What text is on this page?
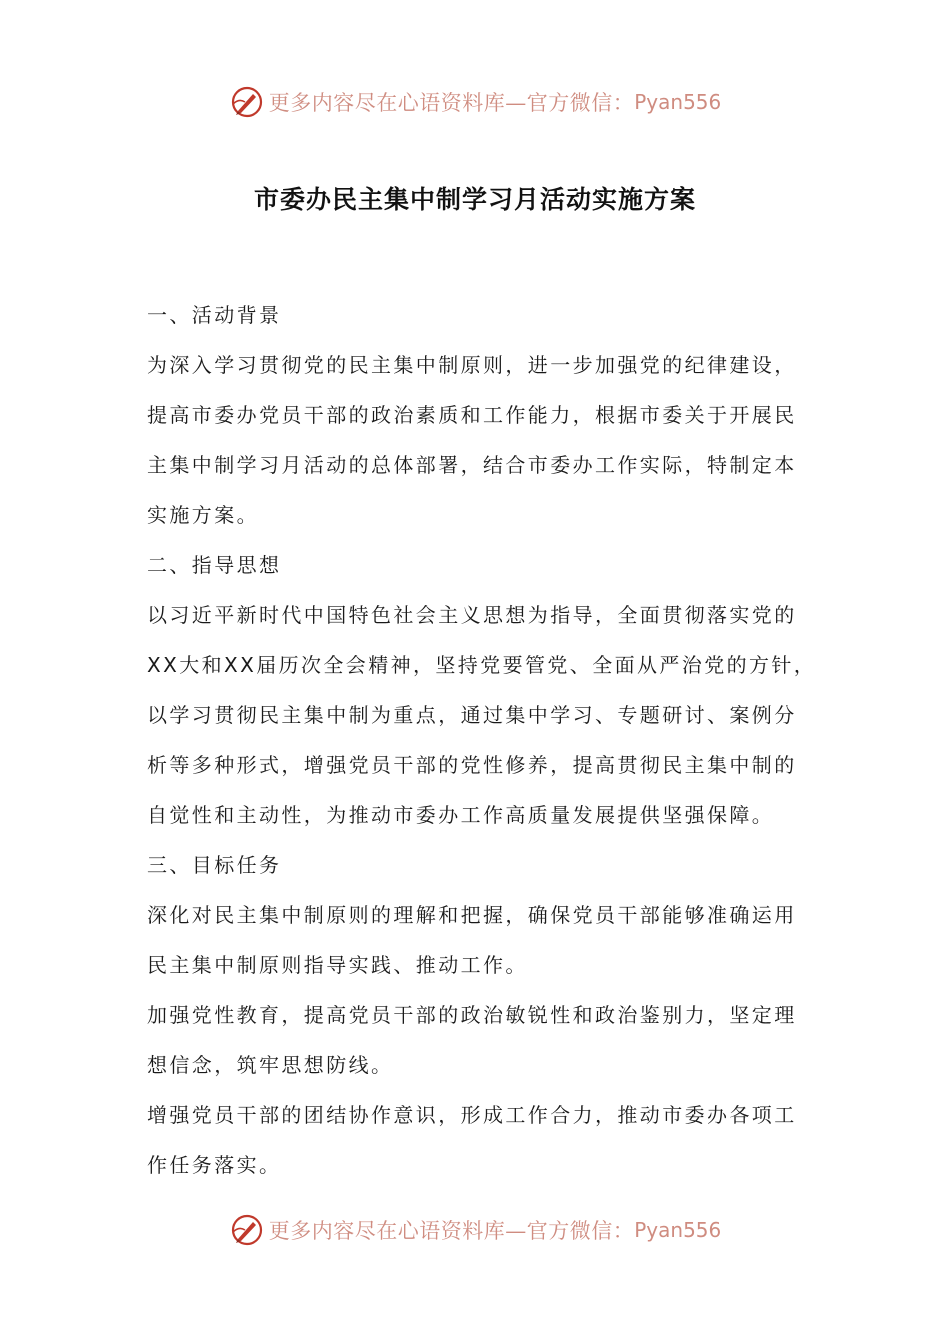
更多内容尽在心语资料库—官方微信： Pyan556
市委办民主集中制学习月活动实施方案
一、活动背景
为深入学习贯彻党的民主集中制原则，进一步加强党的纪律建设，
提高市委办党员干部的政治素质和工作能力，根据市委关于开展民
主集中制学习月活动的总体部署，结合市委办工作实际，特制定本
实施方案。
二、指导思想
以习近平新时代中国特色社会主义思想为指导，全面贯彻落实党的
XX大和XX届历次全会精神，坚持党要管党、全面从严治党的方针，
以学习贯彻民主集中制为重点，通过集中学习、专题研讨、案例分
析等多种形式，增强党员干部的党性修养，提高贯彻民主集中制的
自觉性和主动性，为推动市委办工作高质量发展提供坚强保障。
三、目标任务
深化对民主集中制原则的理解和把握，确保党员干部能够准确运用
民主集中制原则指导实践、推动工作。
加强党性教育，提高党员干部的政治敏锐性和政治鉴别力，坚定理
想信念，筑牢思想防线。
增强党员干部的团结协作意识，形成工作合力，推动市委办各项工
作任务落实。
更多内容尽在心语资料库—官方微信： Pyan556
